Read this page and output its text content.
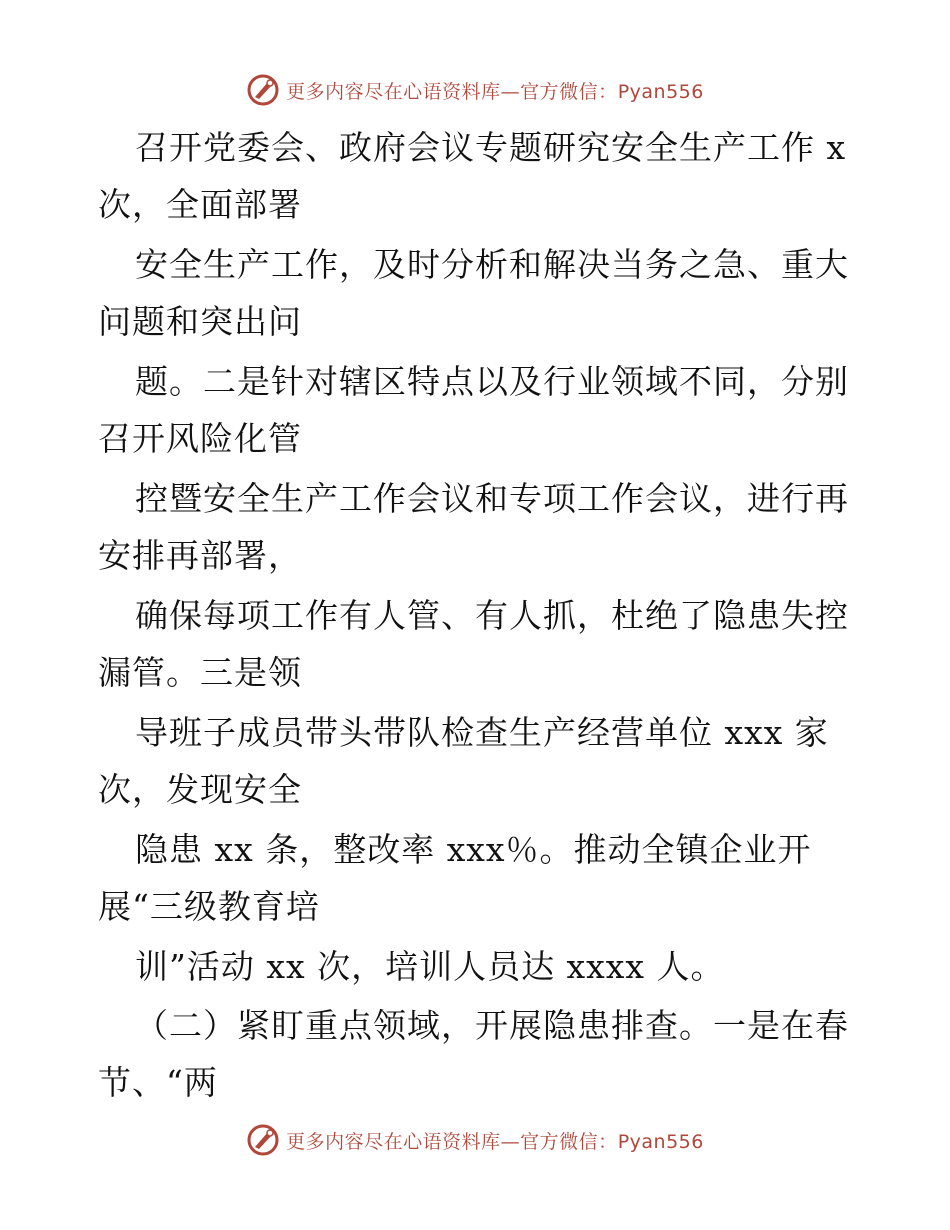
更多内容尽在心语资料库—官方微信：Pyan556
召开党委会、政府会议专题研究安全生产工作 x
次，全面部署
安全生产工作，及时分析和解决当务之急、重大
问题和突出问
题。二是针对辖区特点以及行业领域不同，分别
召开风险化管
控暨安全生产工作会议和专项工作会议，进行再
安排再部署，
确保每项工作有人管、有人抓，杜绝了隐患失控
漏管。三是领
导班子成员带头带队检查生产经营单位 xxx 家
次，发现安全
隐患 xx 条，整改率 xxx％。推动全镇企业开
展“三级教育培
训”活动 xx 次，培训人员达 xxxx 人。
（二）紧盯重点领域，开展隐患排查。一是在春
节、“两
更多内容尽在心语资料库—官方微信：Pyan556
